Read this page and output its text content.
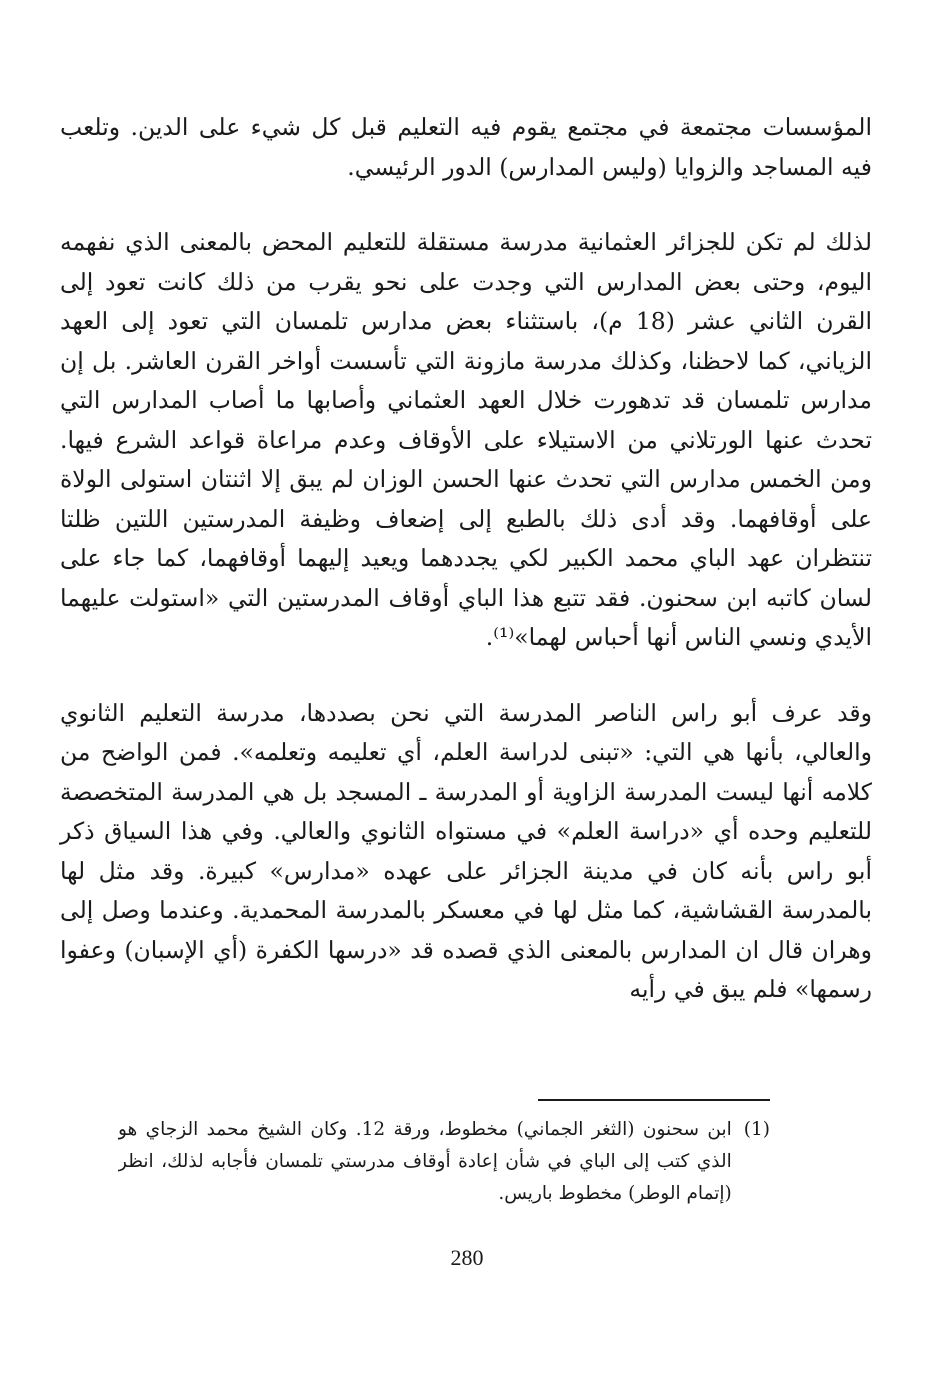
المؤسسات مجتمعة في مجتمع يقوم فيه التعليم قبل كل شيء على الدين. وتلعب فيه المساجد والزوايا (وليس المدارس) الدور الرئيسي.

لذلك لم تكن للجزائر العثمانية مدرسة مستقلة للتعليم المحض بالمعنى الذي نفهمه اليوم، وحتى بعض المدارس التي وجدت على نحو يقرب من ذلك كانت تعود إلى القرن الثاني عشر (18 م)، باستثناء بعض مدارس تلمسان التي تعود إلى العهد الزياني، كما لاحظنا، وكذلك مدرسة مازونة التي تأسست أواخر القرن العاشر. بل إن مدارس تلمسان قد تدهورت خلال العهد العثماني وأصابها ما أصاب المدارس التي تحدث عنها الورتلاني من الاستيلاء على الأوقاف وعدم مراعاة قواعد الشرع فيها. ومن الخمس مدارس التي تحدث عنها الحسن الوزان لم يبق إلا اثنتان استولى الولاة على أوقافهما. وقد أدى ذلك بالطبع إلى إضعاف وظيفة المدرستين اللتين ظلتا تنتظران عهد الباي محمد الكبير لكي يجددهما ويعيد إليهما أوقافهما، كما جاء على لسان كاتبه ابن سحنون. فقد تتبع هذا الباي أوقاف المدرستين التي «استولت عليهما الأيدي ونسي الناس أنها أحباس لهما»⁽¹⁾.

وقد عرف أبو راس الناصر المدرسة التي نحن بصددها، مدرسة التعليم الثانوي والعالي، بأنها هي التي: «تبنى لدراسة العلم، أي تعليمه وتعلمه». فمن الواضح من كلامه أنها ليست المدرسة الزاوية أو المدرسة ـ المسجد بل هي المدرسة المتخصصة للتعليم وحده أي «دراسة العلم» في مستواه الثانوي والعالي. وفي هذا السياق ذكر أبو راس بأنه كان في مدينة الجزائر على عهده «مدارس» كبيرة. وقد مثل لها بالمدرسة القشاشية، كما مثل لها في معسكر بالمدرسة المحمدية. وعندما وصل إلى وهران قال ان المدارس بالمعنى الذي قصده قد «درسها الكفرة (أي الإسبان) وعفوا رسمها» فلم يبق في رأيه

(1)
ابن سحنون (الثغر الجماني) مخطوط، ورقة 12. وكان الشيخ محمد الزجاي هو الذي كتب إلى الباي في شأن إعادة أوقاف مدرستي تلمسان فأجابه لذلك، انظر (إتمام الوطر) مخطوط باريس.
280
